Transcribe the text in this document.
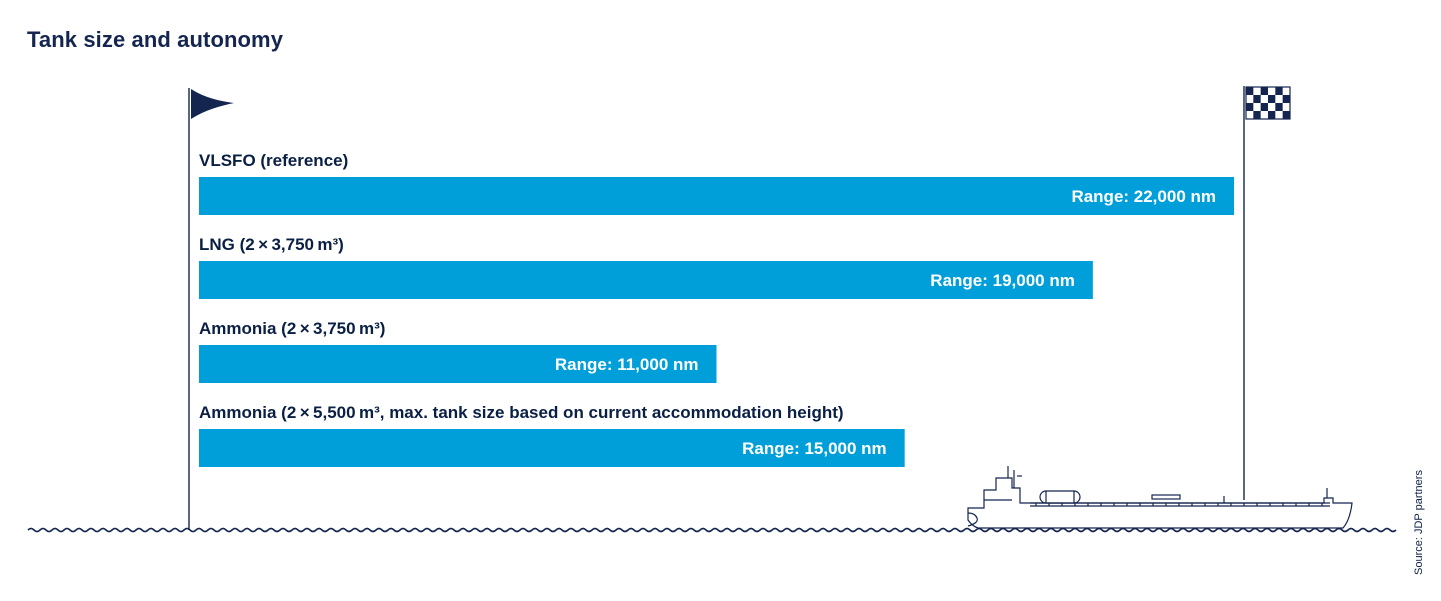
Tank size and autonomy
VLSFO (reference)
Range: 22,000 nm
LNG (2 × 3,750 m³)
Range: 19,000 nm
Ammonia (2 × 3,750 m³)
Range: 11,000 nm
Ammonia (2 × 5,500 m³, max. tank size based on current accommodation height)
Range: 15,000 nm
Source: JDP partners
